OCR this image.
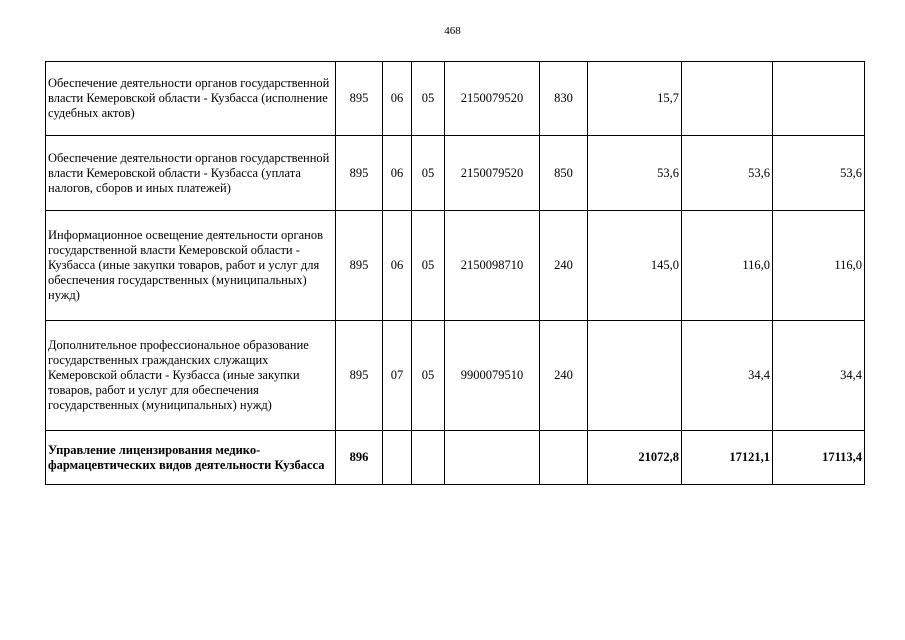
468
Обеспечение деятельности органов государственной власти Кемеровской области - Кузбасса (исполнение судебных актов)	895	06	05	2150079520	830	15,7		
Обеспечение деятельности органов государственной власти Кемеровской области - Кузбасса (уплата налогов, сборов и иных платежей)	895	06	05	2150079520	850	53,6	53,6	53,6
Информационное освещение деятельности органов государственной власти Кемеровской области - Кузбасса (иные закупки товаров, работ и услуг для обеспечения государственных (муниципальных) нужд)	895	06	05	2150098710	240	145,0	116,0	116,0
Дополнительное профессиональное образование государственных гражданских служащих Кемеровской области - Кузбасса (иные закупки товаров, работ и услуг для обеспечения государственных (муниципальных) нужд)	895	07	05	9900079510	240		34,4	34,4
Управление лицензирования медико-фармацевтических видов деятельности Кузбасса	896					21072,8	17121,1	17113,4
